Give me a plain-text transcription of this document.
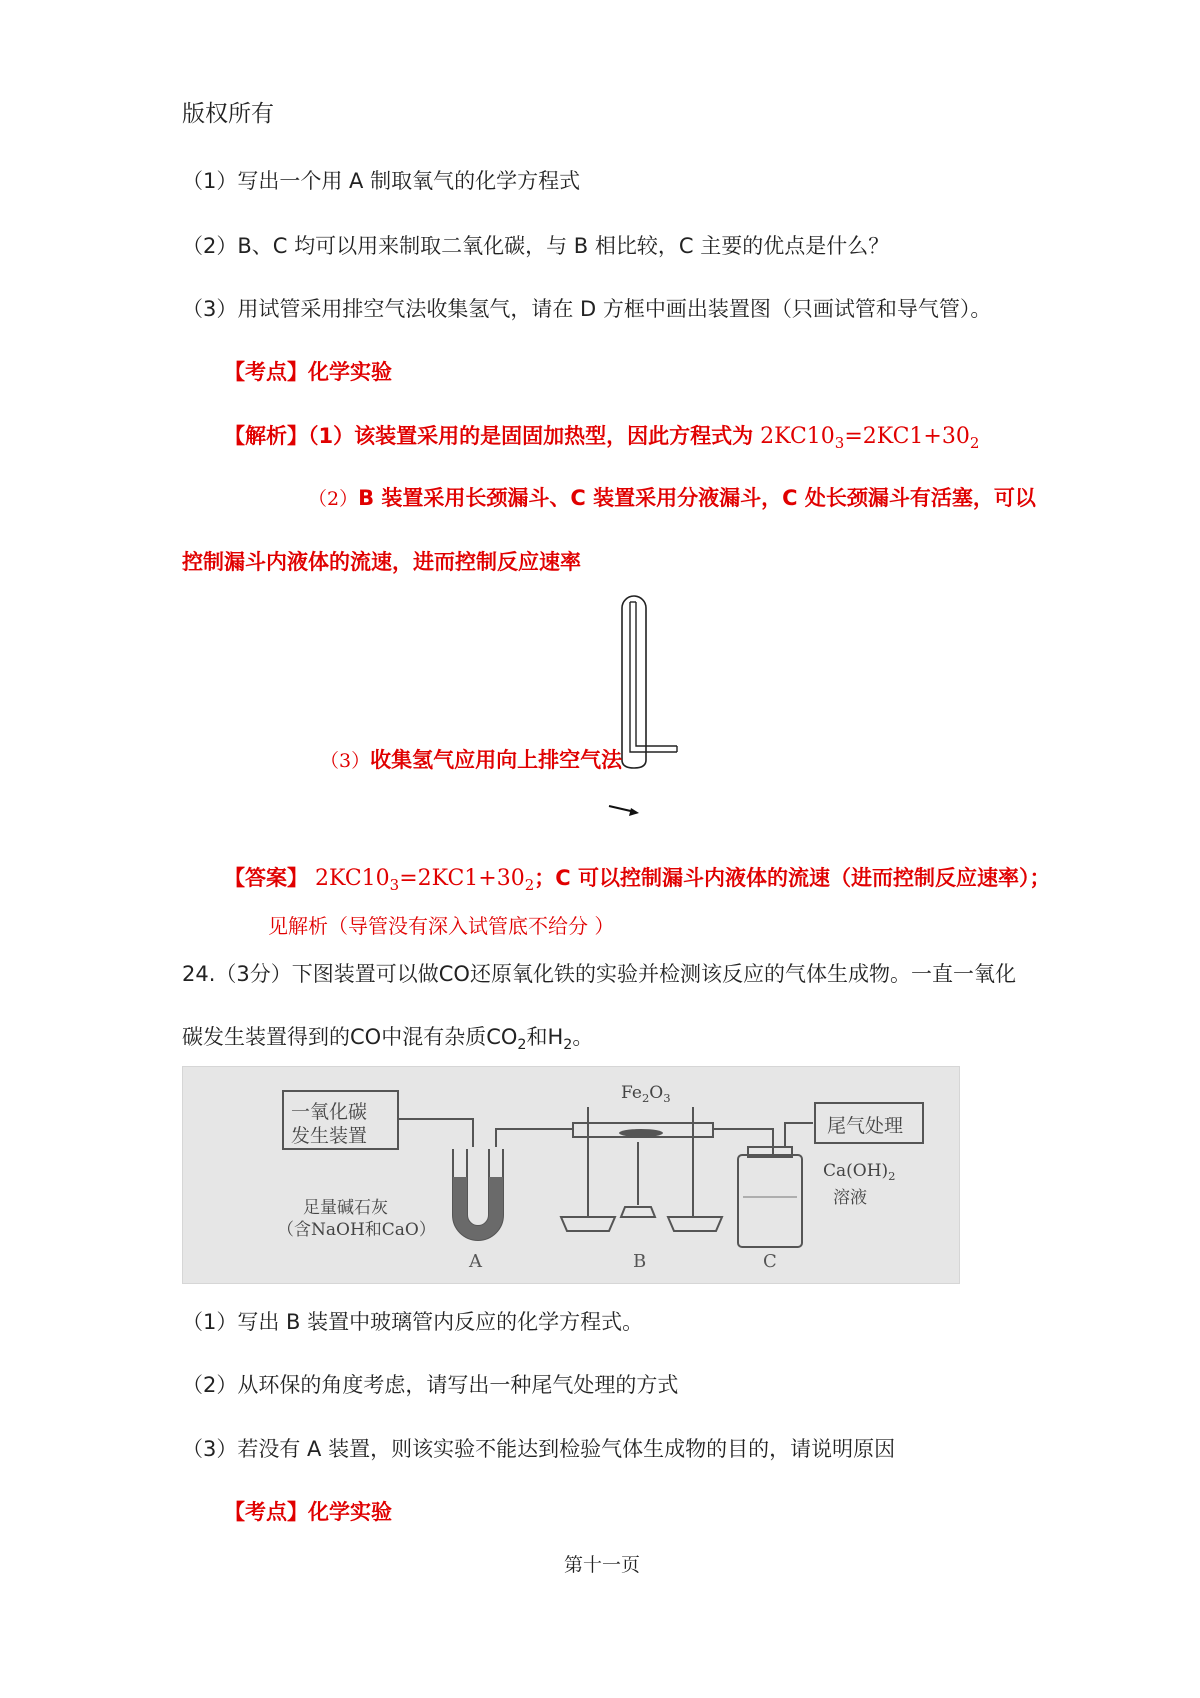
版权所有
（1）写出一个用 A 制取氧气的化学方程式
（2）B、C 均可以用来制取二氧化碳，与 B 相比较，C 主要的优点是什么？
（3）用试管采用排空气法收集氢气，请在 D 方框中画出装置图（只画试管和导气管）。
【考点】化学实验
【解析】（1）该装置采用的是固固加热型，因此方程式为 $2KC10_3=2KC1+30_2$
（2）B 装置采用长颈漏斗、C 装置采用分液漏斗，C 处长颈漏斗有活塞，可以
控制漏斗内液体的流速，进而控制反应速率
（3）收集氢气应用向上排空气法
【答案】 $2KC10_3=2KC1+30_2$；C 可以控制漏斗内液体的流速（进而控制反应速率）；
见解析（导管没有深入试管底不给分 ）
24.（3分）下图装置可以做CO还原氧化铁的实验并检测该反应的气体生成物。一直一氧化
碳发生装置得到的CO中混有杂质$CO_2$和$H_2$。
一氧化碳
发生装置
足量碱石灰
（含NaOH和CaO）
$Fe_2O_3$
尾气处理
$Ca(OH)_2$
溶液
A	B	C
（1）写出 B 装置中玻璃管内反应的化学方程式。
（2）从环保的角度考虑，请写出一种尾气处理的方式
（3）若没有 A 装置，则该实验不能达到检验气体生成物的目的，请说明原因
【考点】化学实验
第十一页
